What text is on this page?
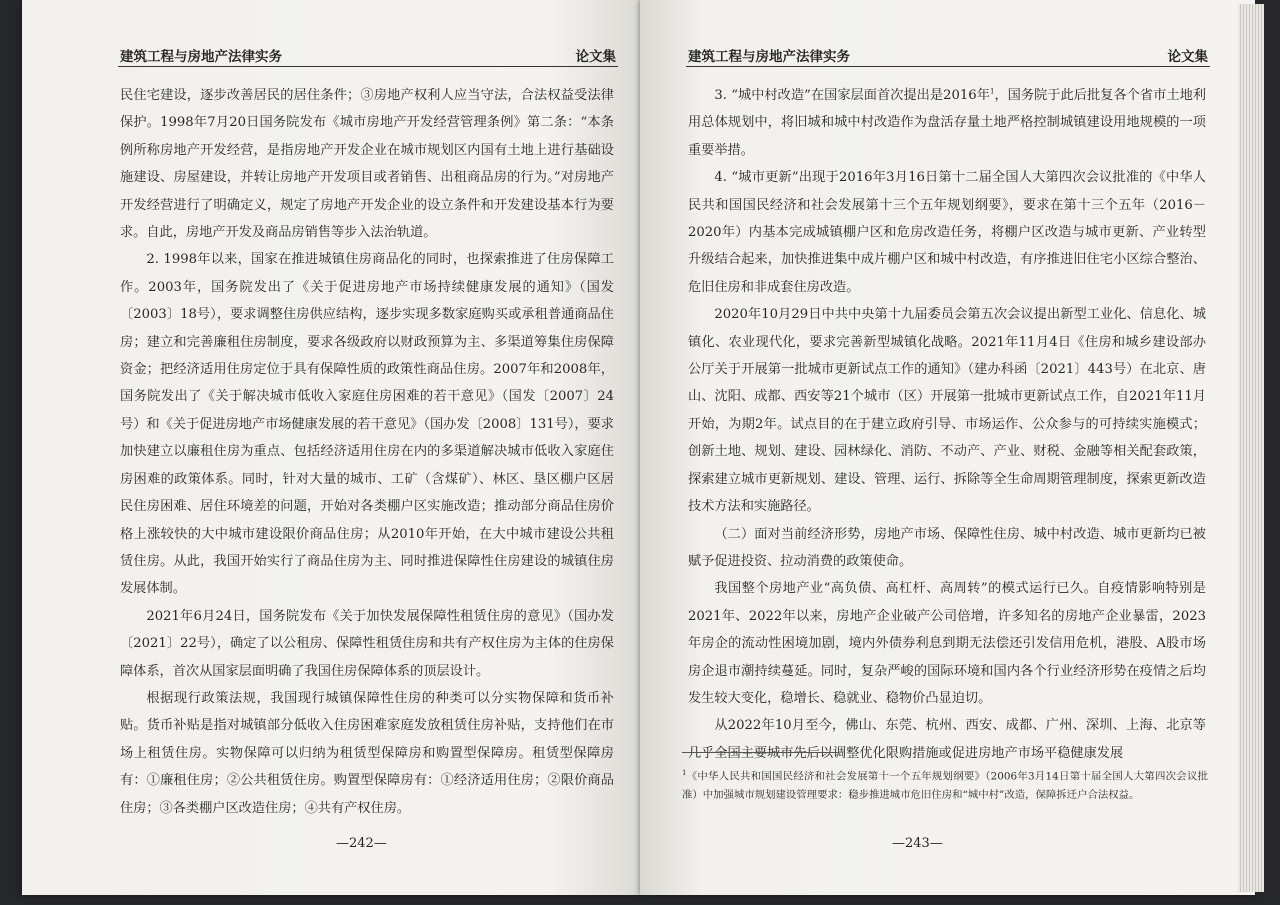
建筑工程与房地产法律实务	论文集

民住宅建设，逐步改善居民的居住条件；③房地产权利人应当守法，合法权益受法律保护。1998年7月20日国务院发布《城市房地产开发经营管理条例》第二条：“本条例所称房地产开发经营，是指房地产开发企业在城市规划区内国有土地上进行基础设施建设、房屋建设，并转让房地产开发项目或者销售、出租商品房的行为。”对房地产开发经营进行了明确定义，规定了房地产开发企业的设立条件和开发建设基本行为要求。自此，房地产开发及商品房销售等步入法治轨道。

2. 1998年以来，国家在推进城镇住房商品化的同时，也探索推进了住房保障工作。2003年，国务院发出了《关于促进房地产市场持续健康发展的通知》（国发〔2003〕18号），要求调整住房供应结构，逐步实现多数家庭购买或承租普通商品住房；建立和完善廉租住房制度，要求各级政府以财政预算为主、多渠道筹集住房保障资金；把经济适用住房定位于具有保障性质的政策性商品住房。2007年和2008年，国务院发出了《关于解决城市低收入家庭住房困难的若干意见》（国发〔2007〕24号）和《关于促进房地产市场健康发展的若干意见》（国办发〔2008〕131号），要求加快建立以廉租住房为重点、包括经济适用住房在内的多渠道解决城市低收入家庭住房困难的政策体系。同时，针对大量的城市、工矿（含煤矿）、林区、垦区棚户区居民住房困难、居住环境差的问题，开始对各类棚户区实施改造；推动部分商品住房价格上涨较快的大中城市建设限价商品住房；从2010年开始，在大中城市建设公共租赁住房。从此，我国开始实行了商品住房为主、同时推进保障性住房建设的城镇住房发展体制。

2021年6月24日，国务院发布《关于加快发展保障性租赁住房的意见》（国办发〔2021〕22号），确定了以公租房、保障性租赁住房和共有产权住房为主体的住房保障体系，首次从国家层面明确了我国住房保障体系的顶层设计。

根据现行政策法规，我国现行城镇保障性住房的种类可以分实物保障和货币补贴。货币补贴是指对城镇部分低收入住房困难家庭发放租赁住房补贴，支持他们在市场上租赁住房。实物保障可以归纳为租赁型保障房和购置型保障房。租赁型保障房有：①廉租住房；②公共租赁住房。购置型保障房有：①经济适用住房；②限价商品住房；③各类棚户区改造住房；④共有产权住房。

—242—
建筑工程与房地产法律实务	论文集

3. “城中村改造”在国家层面首次提出是2016年$^1$，国务院于此后批复各个省市土地利用总体规划中，将旧城和城中村改造作为盘活存量土地严格控制城镇建设用地规模的一项重要举措。

4. “城市更新”出现于2016年3月16日第十二届全国人大第四次会议批准的《中华人民共和国国民经济和社会发展第十三个五年规划纲要》，要求在第十三个五年（2016－2020年）内基本完成城镇棚户区和危房改造任务，将棚户区改造与城市更新、产业转型升级结合起来，加快推进集中成片棚户区和城中村改造，有序推进旧住宅小区综合整治、危旧住房和非成套住房改造。

2020年10月29日中共中央第十九届委员会第五次会议提出新型工业化、信息化、城镇化、农业现代化，要求完善新型城镇化战略。2021年11月4日《住房和城乡建设部办公厅关于开展第一批城市更新试点工作的通知》（建办科函〔2021〕443号）在北京、唐山、沈阳、成都、西安等21个城市（区）开展第一批城市更新试点工作，自2021年11月开始，为期2年。试点目的在于建立政府引导、市场运作、公众参与的可持续实施模式；创新土地、规划、建设、园林绿化、消防、不动产、产业、财税、金融等相关配套政策，探索建立城市更新规划、建设、管理、运行、拆除等全生命周期管理制度，探索更新改造技术方法和实施路径。

（二）面对当前经济形势，房地产市场、保障性住房、城中村改造、城市更新均已被赋予促进投资、拉动消费的政策使命。

我国整个房地产业“高负债、高杠杆、高周转”的模式运行已久。自疫情影响特别是2021年、2022年以来，房地产企业破产公司倍增，许多知名的房地产企业暴雷，2023年房企的流动性困境加剧，境内外债券利息到期无法偿还引发信用危机，港股、A股市场房企退市潮持续蔓延。同时，复杂严峻的国际环境和国内各个行业经济形势在疫情之后均发生较大变化，稳增长、稳就业、稳物价凸显迫切。

从2022年10月至今，佛山、东莞、杭州、西安、成都、广州、深圳、上海、北京等几乎全国主要城市先后以调整优化限购措施或促进房地产市场平稳健康发展

$^1$《中华人民共和国国民经济和社会发展第十一个五年规划纲要》（2006年3月14日第十届全国人大第四次会议批准）中加强城市规划建设管理要求：稳步推进城市危旧住房和“城中村”改造，保障拆迁户合法权益。
—243—
